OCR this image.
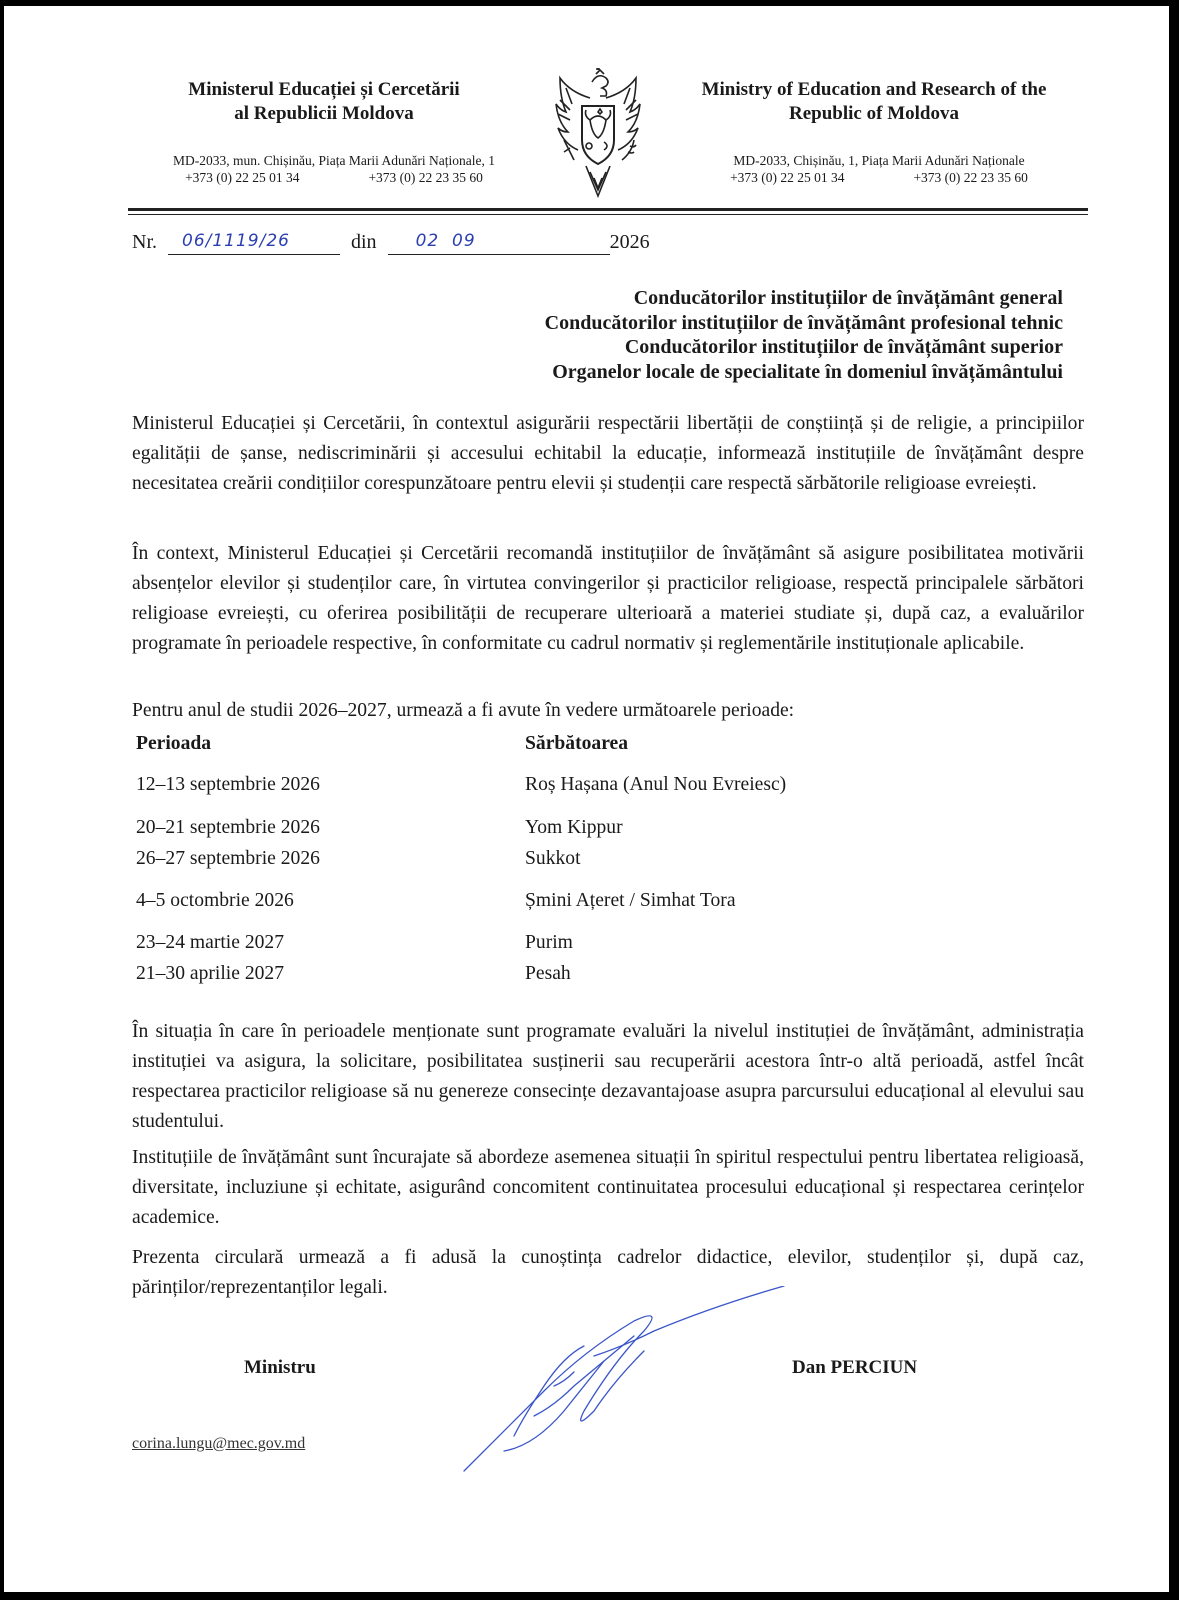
Ministerul Educației și Cercetării
al Republicii Moldova
Ministry of Education and Research of the
Republic of Moldova
MD-2033, mun. Chișinău, Piața Marii Adunări Naționale, 1
+373 (0) 22 25 01 34	+373 (0) 22 23 35 60
MD-2033, Chișinău, 1, Piața Marii Adunări Naționale
+373 (0) 22 25 01 34	+373 (0) 22 23 35 60
Nr. 06/1119/26	din 02  09	2026
Conducătorilor instituțiilor de învățământ general
Conducătorilor instituțiilor de învățământ profesional tehnic
Conducătorilor instituțiilor de învățământ superior
Organelor locale de specialitate în domeniul învățământului

Ministerul Educației și Cercetării, în contextul asigurării respectării libertății de conștiință și de religie, a principiilor egalității de șanse, nediscriminării și accesului echitabil la educație, informează instituțiile de învățământ despre necesitatea creării condițiilor corespunzătoare pentru elevii și studenții care respectă sărbătorile religioase evreiești.

În context, Ministerul Educației și Cercetării recomandă instituțiilor de învățământ să asigure posibilitatea motivării absențelor elevilor și studenților care, în virtutea convingerilor și practicilor religioase, respectă principalele sărbători religioase evreiești, cu oferirea posibilității de recuperare ulterioară a materiei studiate și, după caz, a evaluărilor programate în perioadele respective, în conformitate cu cadrul normativ și reglementările instituționale aplicabile.

Pentru anul de studii 2026–2027, urmează a fi avute în vedere următoarele perioade:

Perioada	Sărbătoarea
12–13 septembrie 2026	Roș Hașana (Anul Nou Evreiesc)
20–21 septembrie 2026	Yom Kippur
26–27 septembrie 2026	Sukkot
4–5 octombrie 2026	Șmini Ațeret / Simhat Tora
23–24 martie 2027	Purim
21–30 aprilie 2027	Pesah

În situația în care în perioadele menționate sunt programate evaluări la nivelul instituției de învățământ, administrația instituției va asigura, la solicitare, posibilitatea susținerii sau recuperării acestora într-o altă perioadă, astfel încât respectarea practicilor religioase să nu genereze consecințe dezavantajoase asupra parcursului educațional al elevului sau studentului.

Instituțiile de învățământ sunt încurajate să abordeze asemenea situații în spiritul respectului pentru libertatea religioasă, diversitate, incluziune și echitate, asigurând concomitent continuitatea procesului educațional și respectarea cerințelor academice.

Prezenta circulară urmează a fi adusă la cunoștința cadrelor didactice, elevilor, studenților și, după caz, părinților/reprezentanților legali.

Ministru	Dan PERCIUN
corina.lungu@mec.gov.md
